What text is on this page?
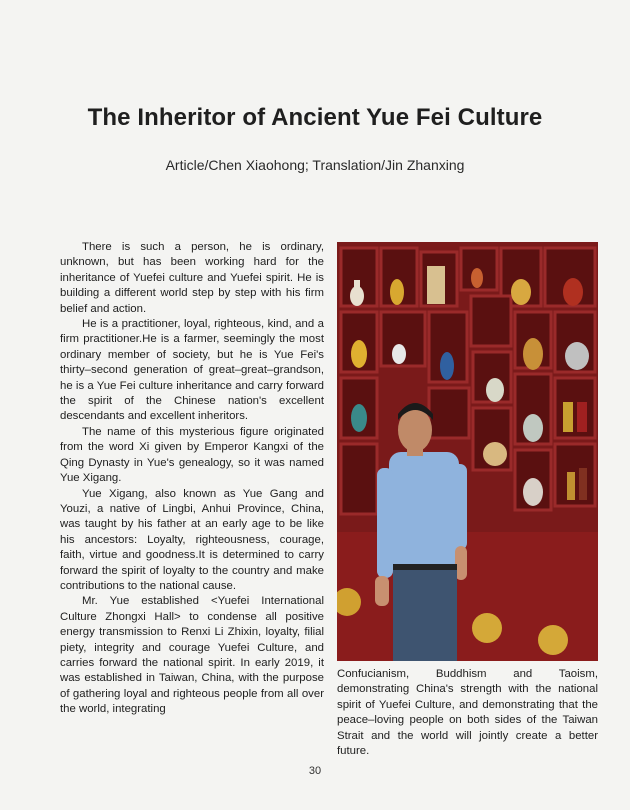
The Inheritor of Ancient Yue Fei Culture
Article/Chen Xiaohong; Translation/Jin Zhanxing

There is such a person, he is ordinary, unknown, but has been working hard for the inheritance of Yuefei culture and Yuefei spirit. He is building a different world step by step with his firm belief and action.

He is a practitioner, loyal, righteous, kind, and a firm practitioner.He is a farmer, seemingly the most ordinary member of society, but he is Yue Fei's thirty–second generation of great–great–grandson, he is a Yue Fei culture inheritance and carry forward the spirit of the Chinese nation's excellent descendants and excellent inheritors.

The name of this mysterious figure originated from the word Xi given by Emperor Kangxi of the Qing Dynasty in Yue's genealogy, so it was named Yue Xigang.

Yue Xigang, also known as Yue Gang and Youzi, a native of Lingbi, Anhui Province, China, was taught by his father at an early age to be like his ancestors: Loyalty, righteousness, courage, faith, virtue and goodness.It is determined to carry forward the spirit of loyalty to the country and make contributions to the national cause.

Mr. Yue established <Yuefei International Culture Zhongxi Hall> to condense all positive energy transmission to Renxi Li Zhixin, loyalty, filial piety, integrity and courage Yuefei Culture, and carries forward the national spirit. In early 2019, it was established in Taiwan, China, with the purpose of gathering loyal and righteous people from all over the world, integrating

Confucianism, Buddhism and Taoism, demonstrating China's strength with the national spirit of Yuefei Culture, and demonstrating that the peace–loving people on both sides of the Taiwan Strait and the world will jointly create a better future.

30
